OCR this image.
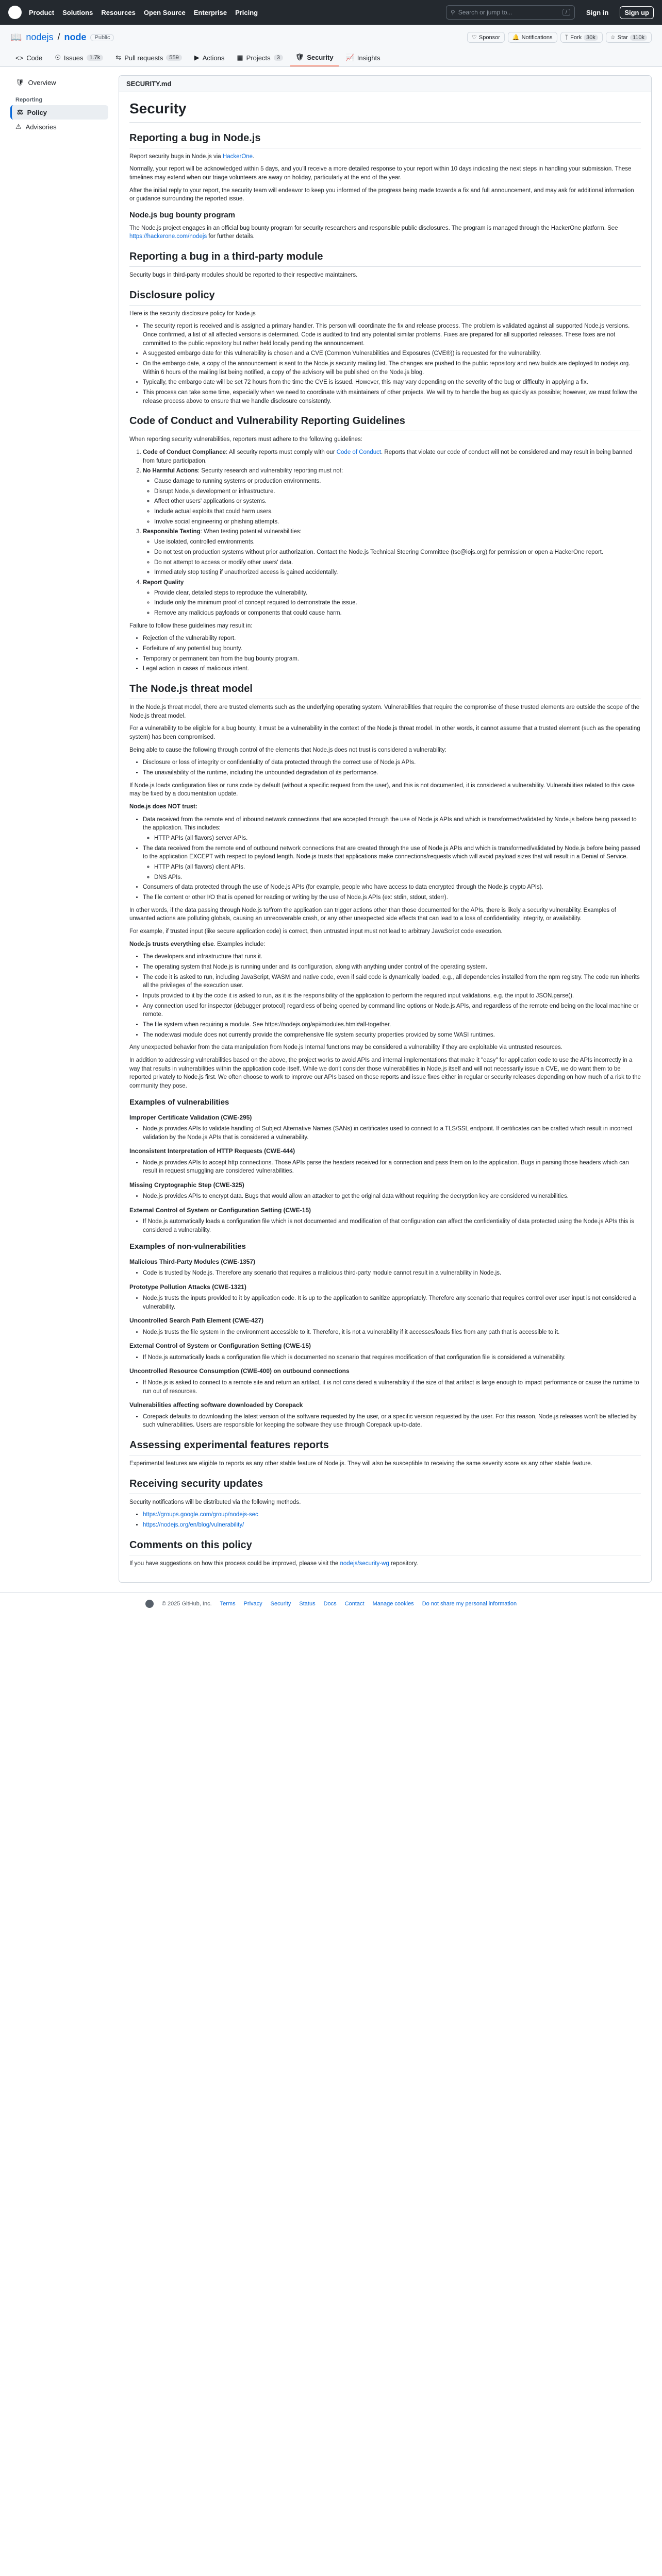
Product Solutions Resources Open Source Enterprise Pricing	⚲ Search or jump to...	/	Sign in	Sign up
📖 nodejs / node	Public	♡ Sponsor 🔔 Notifications ᛉ Fork 30k	☆ Star 110k
<> Code ☉ Issues	1.7k	⇆ Pull requests	559	▶ Actions ▦ Projects	3	🛡 Security 📈 Insights
🛡 Overview
Reporting
⚖ Policy
⚠ Advisories
SECURITY.md
Security
Reporting a bug in Node.js

Report security bugs in Node.js via HackerOne.

Normally, your report will be acknowledged within 5 days, and you'll receive a more detailed response to your report within 10 days indicating the next steps in handling your submission. These timelines may extend when our triage volunteers are away on holiday, particularly at the end of the year.

After the initial reply to your report, the security team will endeavor to keep you informed of the progress being made towards a fix and full announcement, and may ask for additional information or guidance surrounding the reported issue.

Node.js bug bounty program

The Node.js project engages in an official bug bounty program for security researchers and responsible public disclosures. The program is managed through the HackerOne platform. See https://hackerone.com/nodejs for further details.

Reporting a bug in a third-party module

Security bugs in third-party modules should be reported to their respective maintainers.

Disclosure policy

Here is the security disclosure policy for Node.js

• The security report is received and is assigned a primary handler. This person will coordinate the fix and release process. The problem is validated against all supported Node.js versions. Once confirmed, a list of all affected versions is determined. Code is audited to find any potential similar problems. Fixes are prepared for all supported releases. These fixes are not committed to the public repository but rather held locally pending the announcement.
• A suggested embargo date for this vulnerability is chosen and a CVE (Common Vulnerabilities and Exposures (CVE®)) is requested for the vulnerability.
• On the embargo date, a copy of the announcement is sent to the Node.js security mailing list. The changes are pushed to the public repository and new builds are deployed to nodejs.org. Within 6 hours of the mailing list being notified, a copy of the advisory will be published on the Node.js blog.
• Typically, the embargo date will be set 72 hours from the time the CVE is issued. However, this may vary depending on the severity of the bug or difficulty in applying a fix.
• This process can take some time, especially when we need to coordinate with maintainers of other projects. We will try to handle the bug as quickly as possible; however, we must follow the release process above to ensure that we handle disclosure consistently.
Code of Conduct and Vulnerability Reporting Guidelines

When reporting security vulnerabilities, reporters must adhere to the following guidelines:

1. Code of Conduct Compliance: All security reports must comply with our Code of Conduct. Reports that violate our code of conduct will not be considered and may result in being banned from future participation.
2. No Harmful Actions: Security research and vulnerability reporting must not:
◦ Cause damage to running systems or production environments.
◦ Disrupt Node.js development or infrastructure.
◦ Affect other users' applications or systems.
◦ Include actual exploits that could harm users.
◦ Involve social engineering or phishing attempts.
3. Responsible Testing: When testing potential vulnerabilities:
◦ Use isolated, controlled environments.
◦ Do not test on production systems without prior authorization. Contact the Node.js Technical Steering Committee (tsc@iojs.org) for permission or open a HackerOne report.
◦ Do not attempt to access or modify other users' data.
◦ Immediately stop testing if unauthorized access is gained accidentally.
4. Report Quality
◦ Provide clear, detailed steps to reproduce the vulnerability.
◦ Include only the minimum proof of concept required to demonstrate the issue.
◦ Remove any malicious payloads or components that could cause harm.

Failure to follow these guidelines may result in:

• Rejection of the vulnerability report.
• Forfeiture of any potential bug bounty.
• Temporary or permanent ban from the bug bounty program.
• Legal action in cases of malicious intent.
The Node.js threat model

In the Node.js threat model, there are trusted elements such as the underlying operating system. Vulnerabilities that require the compromise of these trusted elements are outside the scope of the Node.js threat model.

For a vulnerability to be eligible for a bug bounty, it must be a vulnerability in the context of the Node.js threat model. In other words, it cannot assume that a trusted element (such as the operating system) has been compromised.

Being able to cause the following through control of the elements that Node.js does not trust is considered a vulnerability:

• Disclosure or loss of integrity or confidentiality of data protected through the correct use of Node.js APIs.
• The unavailability of the runtime, including the unbounded degradation of its performance.

If Node.js loads configuration files or runs code by default (without a specific request from the user), and this is not documented, it is considered a vulnerability. Vulnerabilities related to this case may be fixed by a documentation update.

Node.js does NOT trust:

• Data received from the remote end of inbound network connections that are accepted through the use of Node.js APIs and which is transformed/validated by Node.js before being passed to the application. This includes:
◦ HTTP APIs (all flavors) server APIs.
• The data received from the remote end of outbound network connections that are created through the use of Node.js APIs and which is transformed/validated by Node.js before being passed to the application EXCEPT with respect to payload length. Node.js trusts that applications make connections/requests which will avoid payload sizes that will result in a Denial of Service.
◦ HTTP APIs (all flavors) client APIs.
◦ DNS APIs.
• Consumers of data protected through the use of Node.js APIs (for example, people who have access to data encrypted through the Node.js crypto APIs).
• The file content or other I/O that is opened for reading or writing by the use of Node.js APIs (ex: stdin, stdout, stderr).

In other words, if the data passing through Node.js to/from the application can trigger actions other than those documented for the APIs, there is likely a security vulnerability. Examples of unwanted actions are polluting globals, causing an unrecoverable crash, or any other unexpected side effects that can lead to a loss of confidentiality, integrity, or availability.

For example, if trusted input (like secure application code) is correct, then untrusted input must not lead to arbitrary JavaScript code execution.

Node.js trusts everything else. Examples include:

• The developers and infrastructure that runs it.
• The operating system that Node.js is running under and its configuration, along with anything under control of the operating system.
• The code it is asked to run, including JavaScript, WASM and native code, even if said code is dynamically loaded, e.g., all dependencies installed from the npm registry. The code run inherits all the privileges of the execution user.
• Inputs provided to it by the code it is asked to run, as it is the responsibility of the application to perform the required input validations, e.g. the input to JSON.parse().
• Any connection used for inspector (debugger protocol) regardless of being opened by command line options or Node.js APIs, and regardless of the remote end being on the local machine or remote.
• The file system when requiring a module. See https://nodejs.org/api/modules.html#all-together.
• The node:wasi module does not currently provide the comprehensive file system security properties provided by some WASI runtimes.

Any unexpected behavior from the data manipulation from Node.js Internal functions may be considered a vulnerability if they are exploitable via untrusted resources.

In addition to addressing vulnerabilities based on the above, the project works to avoid APIs and internal implementations that make it "easy" for application code to use the APIs incorrectly in a way that results in vulnerabilities within the application code itself. While we don't consider those vulnerabilities in Node.js itself and will not necessarily issue a CVE, we do want them to be reported privately to Node.js first. We often choose to work to improve our APIs based on those reports and issue fixes either in regular or security releases depending on how much of a risk to the community they pose.

Examples of vulnerabilities
Improper Certificate Validation (CWE-295)
• Node.js provides APIs to validate handling of Subject Alternative Names (SANs) in certificates used to connect to a TLS/SSL endpoint. If certificates can be crafted which result in incorrect validation by the Node.js APIs that is considered a vulnerability.
Inconsistent Interpretation of HTTP Requests (CWE-444)
• Node.js provides APIs to accept http connections. Those APIs parse the headers received for a connection and pass them on to the application. Bugs in parsing those headers which can result in request smuggling are considered vulnerabilities.
Missing Cryptographic Step (CWE-325)
• Node.js provides APIs to encrypt data. Bugs that would allow an attacker to get the original data without requiring the decryption key are considered vulnerabilities.
External Control of System or Configuration Setting (CWE-15)
• If Node.js automatically loads a configuration file which is not documented and modification of that configuration can affect the confidentiality of data protected using the Node.js APIs this is considered a vulnerability.
Examples of non-vulnerabilities
Malicious Third-Party Modules (CWE-1357)
• Code is trusted by Node.js. Therefore any scenario that requires a malicious third-party module cannot result in a vulnerability in Node.js.
Prototype Pollution Attacks (CWE-1321)
• Node.js trusts the inputs provided to it by application code. It is up to the application to sanitize appropriately. Therefore any scenario that requires control over user input is not considered a vulnerability.
Uncontrolled Search Path Element (CWE-427)
• Node.js trusts the file system in the environment accessible to it. Therefore, it is not a vulnerability if it accesses/loads files from any path that is accessible to it.
External Control of System or Configuration Setting (CWE-15)
• If Node.js automatically loads a configuration file which is documented no scenario that requires modification of that configuration file is considered a vulnerability.
Uncontrolled Resource Consumption (CWE-400) on outbound connections
• If Node.js is asked to connect to a remote site and return an artifact, it is not considered a vulnerability if the size of that artifact is large enough to impact performance or cause the runtime to run out of resources.
Vulnerabilities affecting software downloaded by Corepack
• Corepack defaults to downloading the latest version of the software requested by the user, or a specific version requested by the user. For this reason, Node.js releases won't be affected by such vulnerabilities. Users are responsible for keeping the software they use through Corepack up-to-date.
Assessing experimental features reports

Experimental features are eligible to reports as any other stable feature of Node.js. They will also be susceptible to receiving the same severity score as any other stable feature.

Receiving security updates

Security notifications will be distributed via the following methods.

• https://groups.google.com/group/nodejs-sec
• https://nodejs.org/en/blog/vulnerability/
Comments on this policy

If you have suggestions on how this process could be improved, please visit the nodejs/security-wg repository.

© 2025 GitHub, Inc. Terms Privacy Security Status Docs Contact Manage cookies Do not share my personal information
